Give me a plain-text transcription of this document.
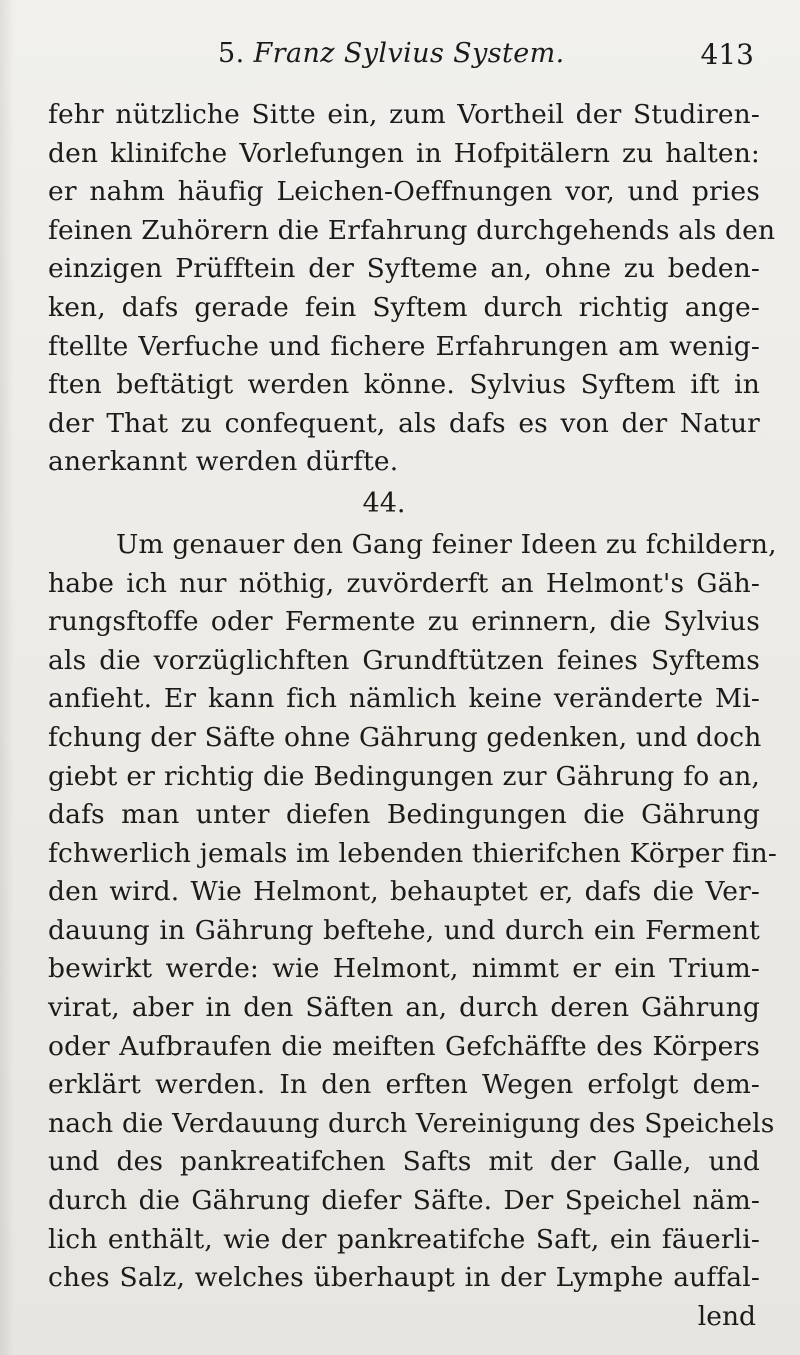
5. Franz Sylvius System.	413
fehr nützliche Sitte ein, zum Vortheil der Studiren-
den klinifche Vorlefungen in Hofpitälern zu halten:
er nahm häufig Leichen-Oeffnungen vor, und pries
feinen Zuhörern die Erfahrung durchgehends als den
einzigen Prüfftein der Syfteme an, ohne zu beden-
ken, dafs gerade fein Syftem durch richtig ange-
ftellte Verfuche und fichere Erfahrungen am wenig-
ften beftätigt werden könne. Sylvius Syftem ift in
der That zu confequent, als dafs es von der Natur
anerkannt werden dürfte.
44.
Um genauer den Gang feiner Ideen zu fchildern,
habe ich nur nöthig, zuvörderft an Helmont's Gäh-
rungsftoffe oder Fermente zu erinnern, die Sylvius
als die vorzüglichften Grundftützen feines Syftems
anfieht. Er kann fich nämlich keine veränderte Mi-
fchung der Säfte ohne Gährung gedenken, und doch
giebt er richtig die Bedingungen zur Gährung fo an,
dafs man unter diefen Bedingungen die Gährung
fchwerlich jemals im lebenden thierifchen Körper fin-
den wird. Wie Helmont, behauptet er, dafs die Ver-
dauung in Gährung beftehe, und durch ein Ferment
bewirkt werde: wie Helmont, nimmt er ein Trium-
virat, aber in den Säften an, durch deren Gährung
oder Aufbraufen die meiften Gefchäffte des Körpers
erklärt werden. In den erften Wegen erfolgt dem-
nach die Verdauung durch Vereinigung des Speichels
und des pankreatifchen Safts mit der Galle, und
durch die Gährung diefer Säfte. Der Speichel näm-
lich enthält, wie der pankreatifche Saft, ein fäuerli-
ches Salz, welches überhaupt in der Lymphe auffal-
lend
